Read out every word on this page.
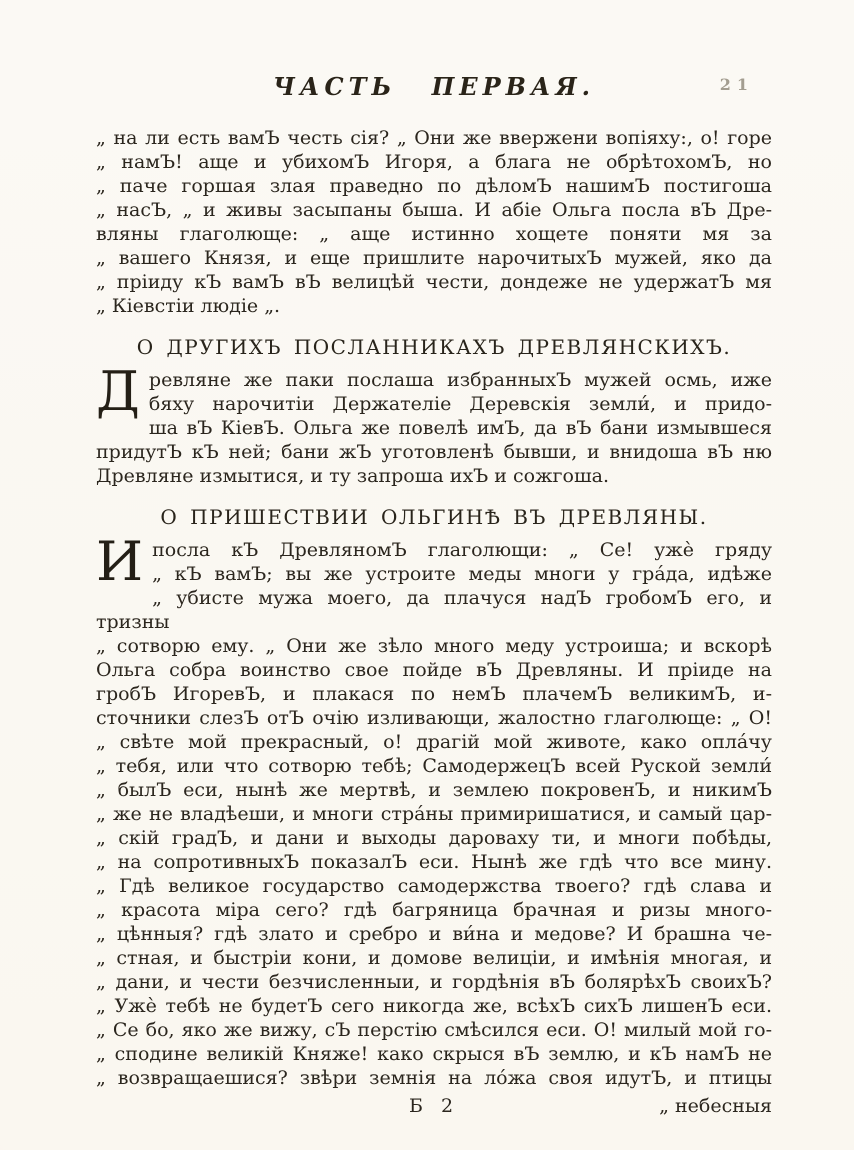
ЧАСТЬ ПЕРВАЯ.	21
„ на ли есть вамЪ честь сія? „ Они же ввержени вопіяху:, о! горе
„ намЪ! аще и убихомЪ Игоря, а блага не обрѣтохомЪ, но
„ паче горшая злая праведно по дѣломЪ нашимЪ постигоша
„ насЪ, „ и живы засыпаны быша. И абіе Ольга посла вЪ Дре-
вляны глаголюще: „ аще истинно хощете поняти мя за
„ вашего Князя, и еще пришлите нарочитыхЪ мужей, яко да
„ пріиду кЪ вамЪ вЪ велицѣй чести, дондеже не удержатЪ мя
„ Кіевстіи людіе „.
О ДРУГИХЪ ПОСЛАННИКАХЪ ДРЕВЛЯНСКИХЪ.
Д ревляне же паки послаша избранныхЪ мужей осмь, иже
бяху нарочитіи Держателіе Деревскія земли́, и придо-
ша вЪ КіевЪ. Ольга же повелѣ имЪ, да вЪ бани измывшеся
придутЪ кЪ ней; бани жЪ уготовленѣ бывши, и внидоша вЪ ню
Древляне измытися, и ту запроша ихЪ и сожгоша.
О ПРИШЕСТВИИ ОЛЬГИНѢ ВЪ ДРЕВЛЯНЫ.
И посла кЪ ДревляномЪ глаголющи: „ Се! ужѐ гряду
„ кЪ вамЪ; вы же устроите меды многи у гра́да, идѣже
„ убисте мужа моего, да плачуся надЪ гробомЪ его, и тризны
„ сотворю ему. „ Они же зѣло много меду устроиша; и вскорѣ
Ольга собра воинство свое пойде вЪ Древляны. И пріиде на
гробЪ ИгоревЪ, и плакася по немЪ плачемЪ великимЪ, и-
сточники слезЪ отЪ очію изливающи, жалостно глаголюще: „ О!
„ свѣте мой прекрасный, о! драгій мой животе, како опла́чу
„ тебя, или что сотворю тебѣ; СамодержецЪ всей Руской земли́
„ былЪ еси, нынѣ же мертвѣ, и землею покровенЪ, и никимЪ
„ же не владѣеши, и многи стра́ны примиришатися, и самый цар-
„ скій градЪ, и дани и выходы дароваху ти, и многи побѣды,
„ на сопротивныхЪ показалЪ еси. Нынѣ же гдѣ что все мину.
„ Гдѣ великое государство самодержства твоего? гдѣ слава и
„ красота міра сего? гдѣ багряница брачная и ризы много-
„ цѣнныя? гдѣ злато и сребро и ви́на и медове? И брашна че-
„ стная, и быстріи кони, и домове велиціи, и имѣнія многая, и
„ дани, и чести безчисленныи, и гордѣнія вЪ болярѣхЪ своихЪ?
„ Ужѐ тебѣ не будетЪ сего никогда же, всѣхЪ сихЪ лишенЪ еси.
„ Се бо, яко же вижу, сЪ перстію смѣсился еси. О! милый мой го-
„ сподине великій Княже! како скрыся вЪ землю, и кЪ намЪ не
„ возвращаешися? звѣри земнія на ло́жа своя идутЪ, и птицы
Б 2	„ небесныя
